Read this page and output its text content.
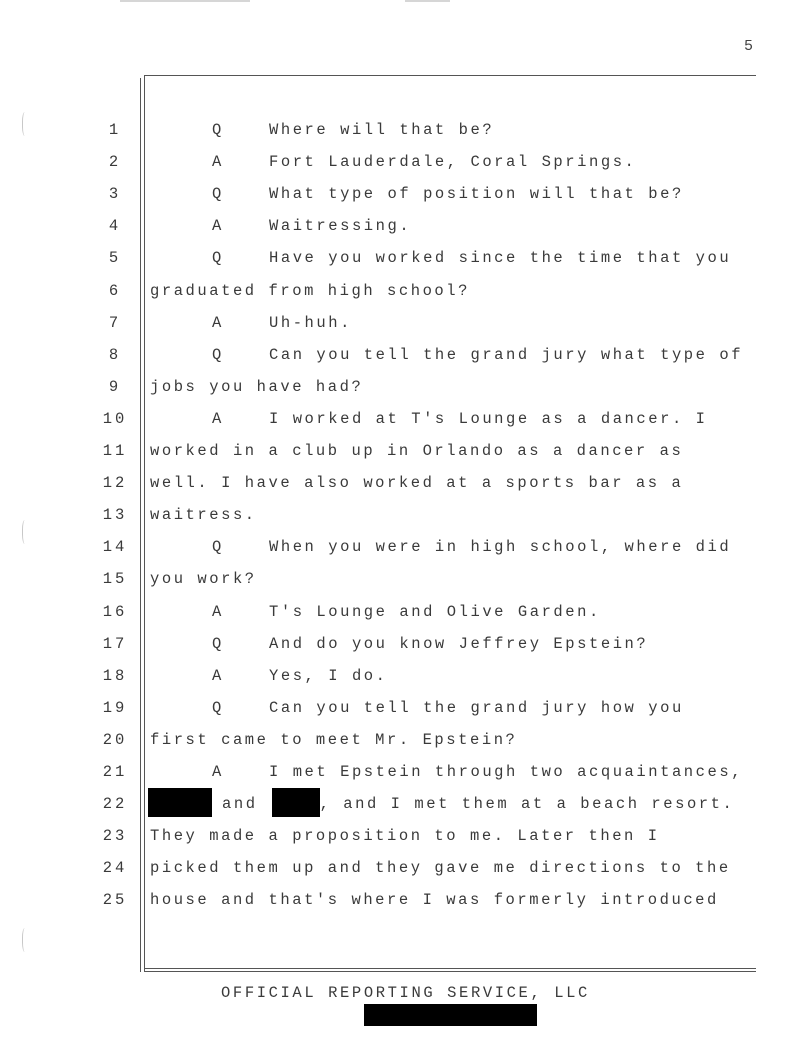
5
1	Q	Where will that be?
2	A	Fort Lauderdale, Coral Springs.
3	Q	What type of position will that be?
4	A	Waitressing.
5	Q	Have you worked since the time that you
6	graduated from high school?
7	A	Uh-huh.
8	Q	Can you tell the grand jury what type of
9	jobs you have had?
10	A	I worked at T's Lounge as a dancer. I
11 worked in a club up in Orlando as a dancer as
12 well. I have also worked at a sports bar as a
13 waitress.
14	Q	When you were in high school, where did
15 you work?
16	A	T's Lounge and Olive Garden.
17	Q	And do you know Jeffrey Epstein?
18	A	Yes, I do.
19	Q	Can you tell the grand jury how you
20 first came to meet Mr. Epstein?
21	A	I met Epstein through two acquaintances,
22	and	, and I met them at a beach resort.
23 They made a proposition to me. Later then I
24 picked them up and they gave me directions to the
25 house and that's where I was formerly introduced
OFFICIAL REPORTING SERVICE, LLC
